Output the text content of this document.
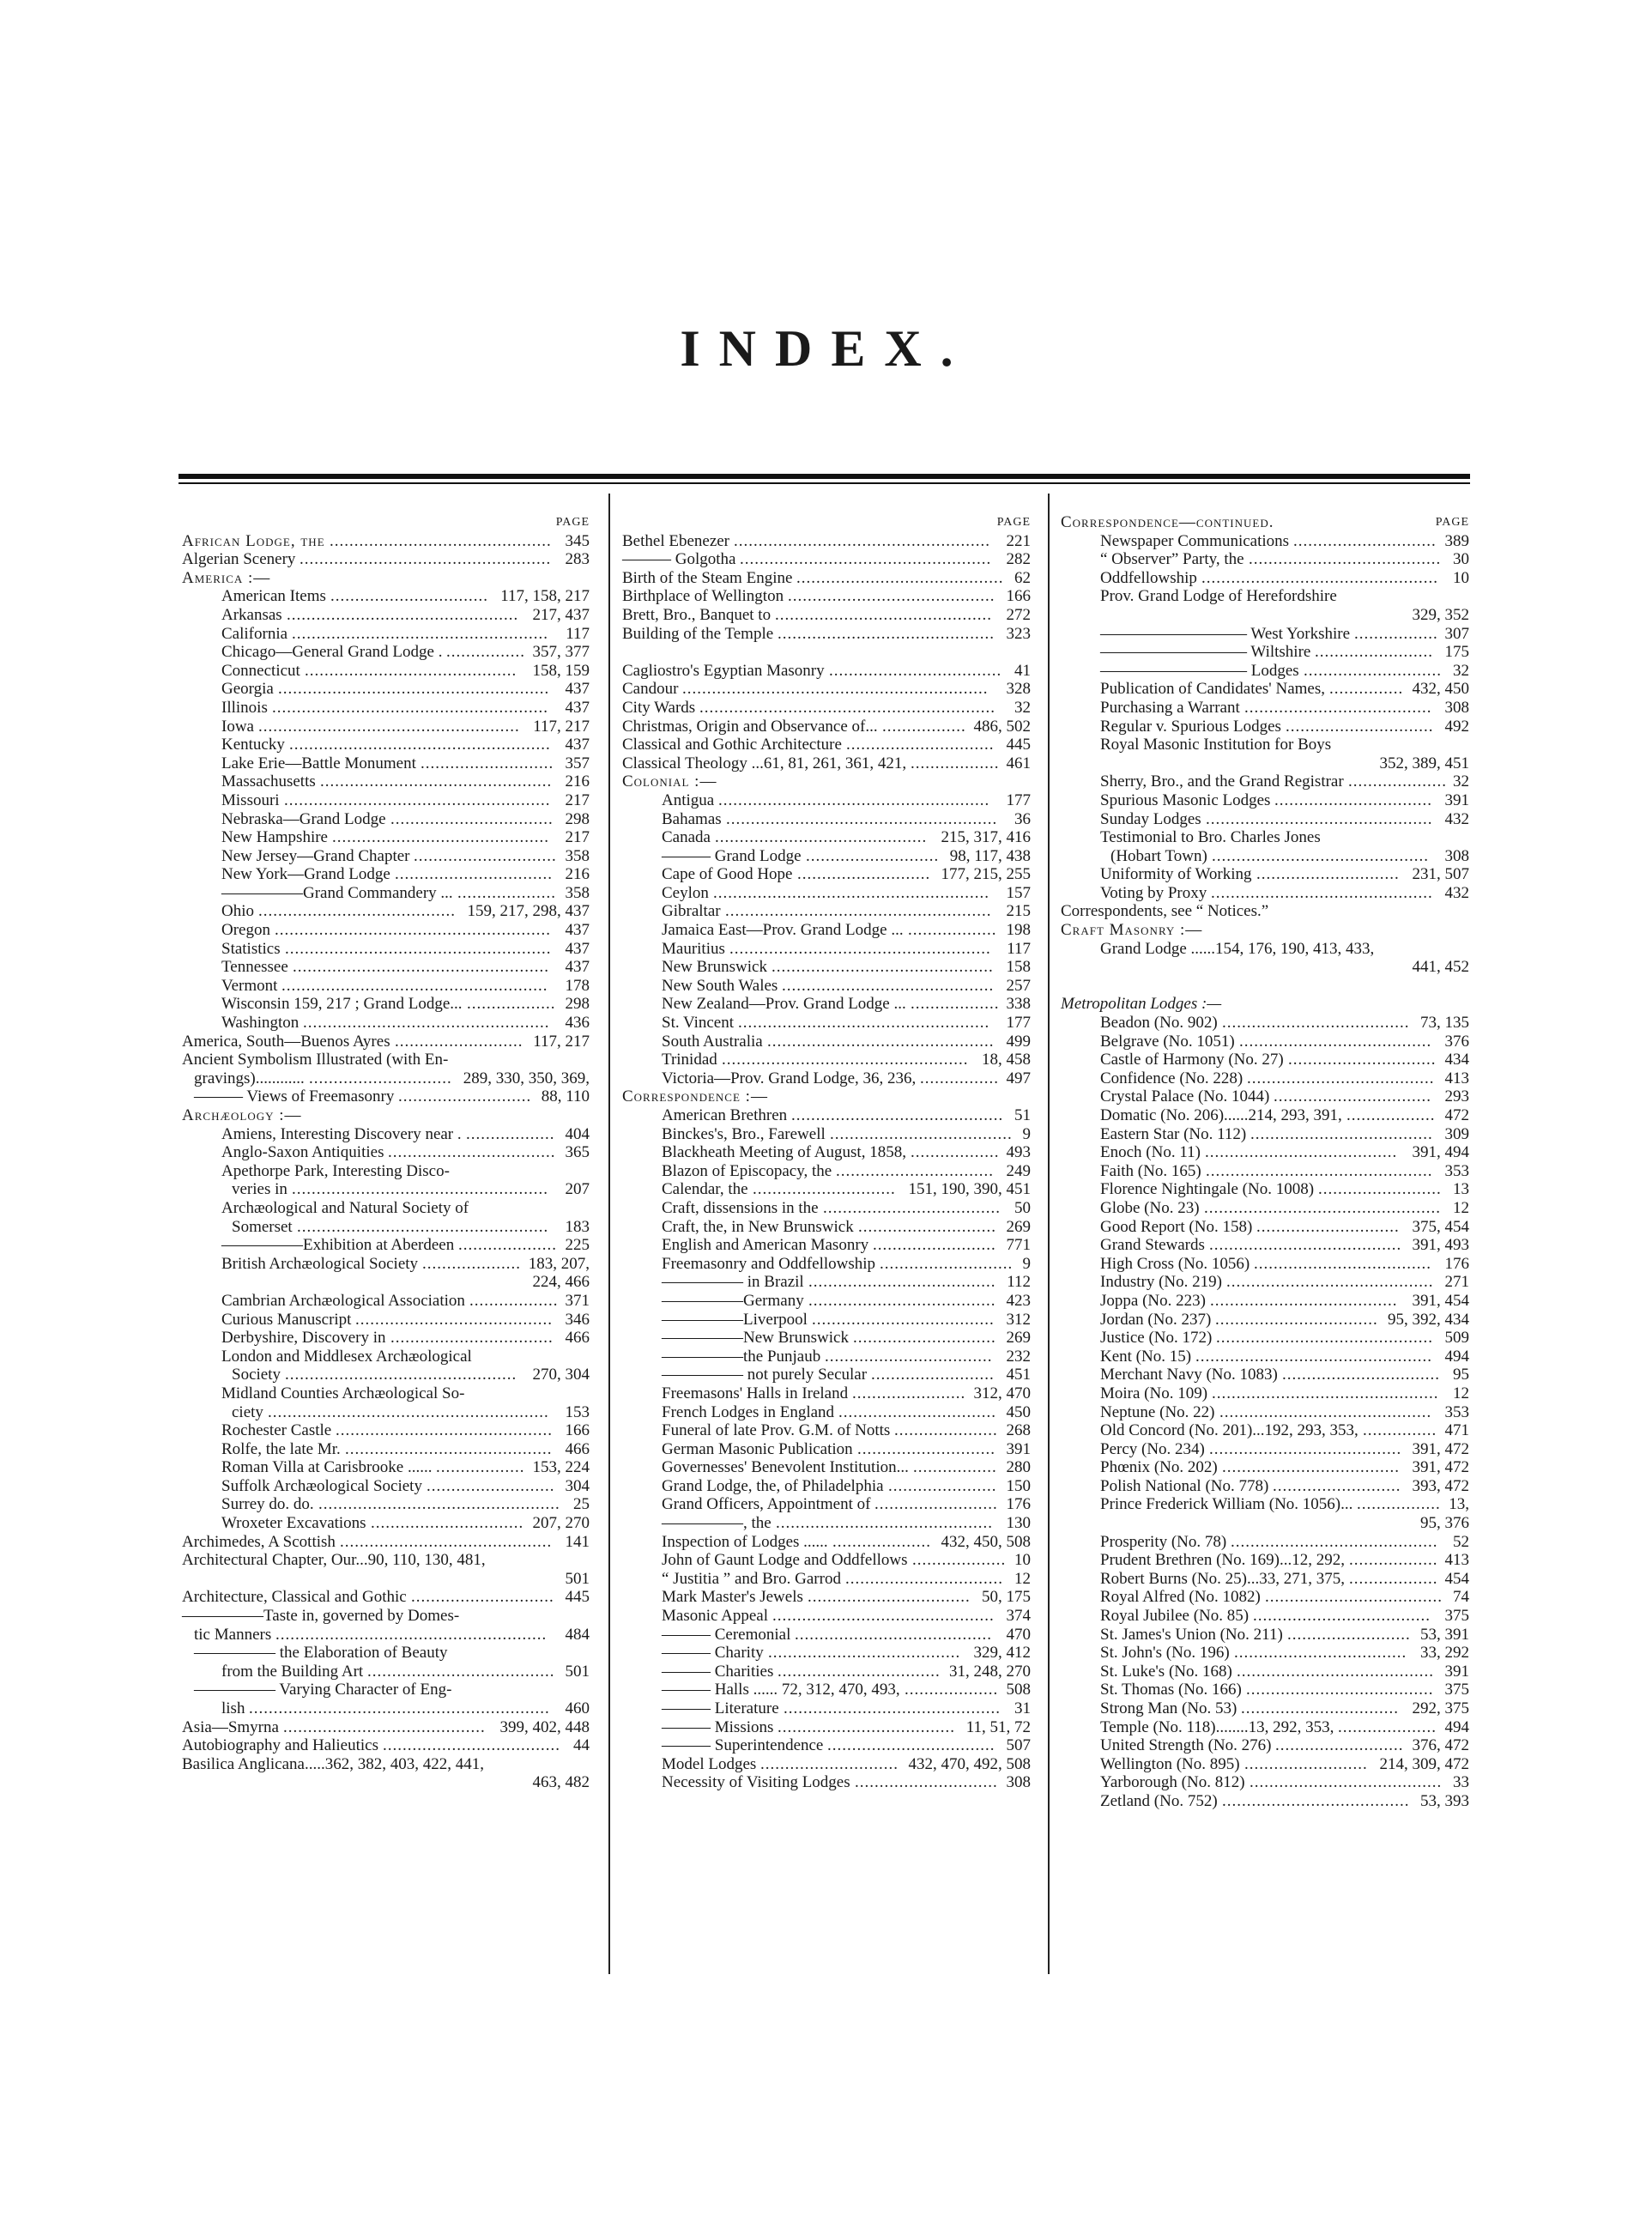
INDEX.
PAGE
African Lodge, the	345
.............................................
Algerian Scenery	283
...................................................
America :—
American Items	117, 158, 217
................................
Arkansas	217, 437
...............................................
California	117
....................................................
Chicago—General Grand Lodge .	357, 377
................
Connecticut	158, 159
...........................................
Georgia	437
.......................................................
Illinois	437
........................................................
Iowa	117, 217
.....................................................
Kentucky	437
.....................................................
Lake Erie—Battle Monument	357
...........................
Massachusetts	216
...............................................
Missouri	217
......................................................
Nebraska—Grand Lodge	298
.................................
New Hampshire	217
............................................
New Jersey—Grand Chapter	358
.............................
New York—Grand Lodge	216
................................
—————Grand Commandery ...	358
....................
Ohio	159, 217, 298, 437
........................................
Oregon	437
........................................................
Statistics	437
......................................................
Tennessee	437
....................................................
Vermont	178
......................................................
Wisconsin 159, 217 ; Grand Lodge...	298
..................
Washington	436
..................................................
America, South—Buenos Ayres	117, 217
..........................
Ancient Symbolism Illustrated (with En-
gravings)............	289, 330, 350, 369,
.............................
——— Views of Freemasonry	88, 110
...........................
Archæology :—
Amiens, Interesting Discovery near .	404
..................
Anglo-Saxon Antiquities	365
..................................
Apethorpe Park, Interesting Disco-
veries in	207
....................................................
Archæological and Natural Society of
Somerset	183
...................................................
—————Exhibition at Aberdeen	225
....................
British Archæological Society	183, 207,
....................
224, 466
Cambrian Archæological Association	371
..................
Curious Manuscript	346
........................................
Derbyshire, Discovery in	466
.................................
London and Middlesex Archæological
Society	270, 304
...............................................
Midland Counties Archæological So-
ciety	153
.........................................................
Rochester Castle	166
............................................
Rolfe, the late Mr.	466
..........................................
Roman Villa at Carisbrooke ......	153, 224
..................
Suffolk Archæological Society	304
..........................
Surrey do. do.	25
.................................................
Wroxeter Excavations	207, 270
...............................
Archimedes, A Scottish	141
...........................................
Architectural Chapter, Our...90, 110, 130, 481,
501
Architecture, Classical and Gothic	445
.............................
—————Taste in, governed by Domes-
tic Manners	484
.......................................................
————— the Elaboration of Beauty
from the Building Art	501
......................................
————— Varying Character of Eng-
lish	460
.............................................................
Asia—Smyrna	399, 402, 448
.........................................
Autobiography and Halieutics	44
....................................
Basilica Anglicana.....362, 382, 403, 422, 441,
463, 482
PAGE
Bethel Ebenezer	221
....................................................
——— Golgotha	282
...................................................
Birth of the Steam Engine	62
..........................................
Birthplace of Wellington	166
..........................................
Brett, Bro., Banquet to	272
............................................
Building of the Temple	323
............................................
Cagliostro's Egyptian Masonry	41
...................................
Candour	328
..............................................................
City Wards	32
............................................................
Christmas, Origin and Observance of...	486, 502
.................
Classical and Gothic Architecture	445
..............................
Classical Theology ...61, 81, 261, 361, 421,	461
..................
Colonial :—
Antigua	177
.......................................................
Bahamas	36
.......................................................
Canada	215, 317, 416
...........................................
——— Grand Lodge	98, 117, 438
...........................
Cape of Good Hope	177, 215, 255
...........................
Ceylon	157
........................................................
Gibraltar	215
......................................................
Jamaica East—Prov. Grand Lodge ...	198
..................
Mauritius	117
.....................................................
New Brunswick	158
.............................................
New South Wales	257
...........................................
New Zealand—Prov. Grand Lodge ...	338
..................
St. Vincent	177
...................................................
South Australia	499
..............................................
Trinidad	18, 458
..................................................
Victoria—Prov. Grand Lodge, 36, 236,	497
................
Correspondence :—
American Brethren	51
...........................................
Binckes's, Bro., Farewell	9
.....................................
Blackheath Meeting of August, 1858,	493
..................
Blazon of Episcopacy, the	249
................................
Calendar, the	151, 190, 390, 451
.............................
Craft, dissensions in the	50
....................................
Craft, the, in New Brunswick	269
............................
English and American Masonry	771
.........................
Freemasonry and Oddfellowship	9
...........................
————— in Brazil	112
......................................
—————Germany	423
......................................
—————Liverpool	312
.....................................
—————New Brunswick	269
.............................
—————the Punjaub	232
..................................
————— not purely Secular	451
.........................
Freemasons' Halls in Ireland	312, 470
.......................
French Lodges in England	450
................................
Funeral of late Prov. G.M. of Notts	268
.....................
German Masonic Publication	391
............................
Governesses' Benevolent Institution...	280
.................
Grand Lodge, the, of Philadelphia	150
......................
Grand Officers, Appointment of	176
.........................
—————, the	130
............................................
Inspection of Lodges ......	432, 450, 508
....................
John of Gaunt Lodge and Oddfellows	10
...................
“ Justitia ” and Bro. Garrod	12
................................
Mark Master's Jewels	50, 175
.................................
Masonic Appeal	374
.............................................
——— Ceremonial	470
........................................
——— Charity	329, 412
.......................................
——— Charities	31, 248, 270
.................................
——— Halls ...... 72, 312, 470, 493,	508
...................
——— Literature	31
............................................
——— Missions	11, 51, 72
....................................
——— Superintendence	507
..................................
Model Lodges	432, 470, 492, 508
............................
Necessity of Visiting Lodges	308
.............................
Correspondence—continued.	PAGE
Newspaper Communications	389
.............................
“ Observer” Party, the	30
.......................................
Oddfellowship	10
................................................
Prov. Grand Lodge of Herefordshire
329, 352
————————— West Yorkshire	307
.................
————————— Wiltshire	175
........................
————————— Lodges	32
............................
Publication of Candidates' Names,	432, 450
...............
Purchasing a Warrant	308
......................................
Regular v. Spurious Lodges	492
..............................
Royal Masonic Institution for Boys
352, 389, 451
Sherry, Bro., and the Grand Registrar	32
....................
Spurious Masonic Lodges	391
................................
Sunday Lodges	432
..............................................
Testimonial to Bro. Charles Jones
(Hobart Town)	308
............................................
Uniformity of Working	231, 507
.............................
Voting by Proxy	432
.............................................
Correspondents, see “ Notices.”
Craft Masonry :—
Grand Lodge ......154, 176, 190, 413, 433,
441, 452
Metropolitan Lodges :—
Beadon (No. 902)	73, 135
......................................
Belgrave (No. 1051)	376
.......................................
Castle of Harmony (No. 27)	434
..............................
Confidence (No. 228)	413
......................................
Crystal Palace (No. 1044)	293
................................
Domatic (No. 206)......214, 293, 391,	472
..................
Eastern Star (No. 112)	309
.....................................
Enoch (No. 11)	391, 494
.......................................
Faith (No. 165)	353
..............................................
Florence Nightingale (No. 1008)	13
.........................
Globe (No. 23)	12
................................................
Good Report (No. 158)	375, 454
.............................
Grand Stewards	391, 493
.......................................
High Cross (No. 1056)	176
....................................
Industry (No. 219)	271
..........................................
Joppa (No. 223)	391, 454
......................................
Jordan (No. 237)	95, 392, 434
.................................
Justice (No. 172)	509
............................................
Kent (No. 15)	494
................................................
Merchant Navy (No. 1083)	95
................................
Moira (No. 109)	12
..............................................
Neptune (No. 22)	353
...........................................
Old Concord (No. 201)...192, 293, 353,	471
...............
Percy (No. 234)	391, 472
.......................................
Phœnix (No. 202)	391, 472
....................................
Polish National (No. 778)	393, 472
..........................
Prince Frederick William (No. 1056)...	13,
.................
95, 376
Prosperity (No. 78)	52
..........................................
Prudent Brethren (No. 169)...12, 292,	413
..................
Robert Burns (No. 25)...33, 271, 375,	454
..................
Royal Alfred (No. 1082)	74
....................................
Royal Jubilee (No. 85)	375
....................................
St. James's Union (No. 211)	53, 391
.........................
St. John's (No. 196)	33, 292
...................................
St. Luke's (No. 168)	391
........................................
St. Thomas (No. 166)	375
......................................
Strong Man (No. 53)	292, 375
................................
Temple (No. 118)........13, 292, 353,	494
....................
United Strength (No. 276)	376, 472
..........................
Wellington (No. 895)	214, 309, 472
.........................
Yarborough (No. 812)	33
.......................................
Zetland (No. 752)	53, 393
......................................
